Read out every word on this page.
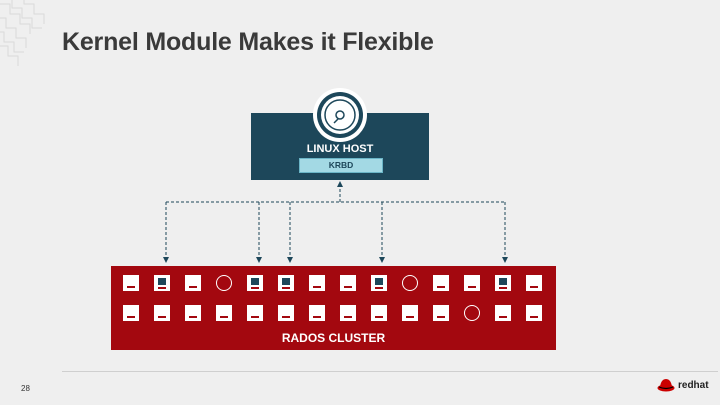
Kernel Module Makes it Flexible
LINUX HOST
KRBD
RADOS CLUSTER
28	redhat
